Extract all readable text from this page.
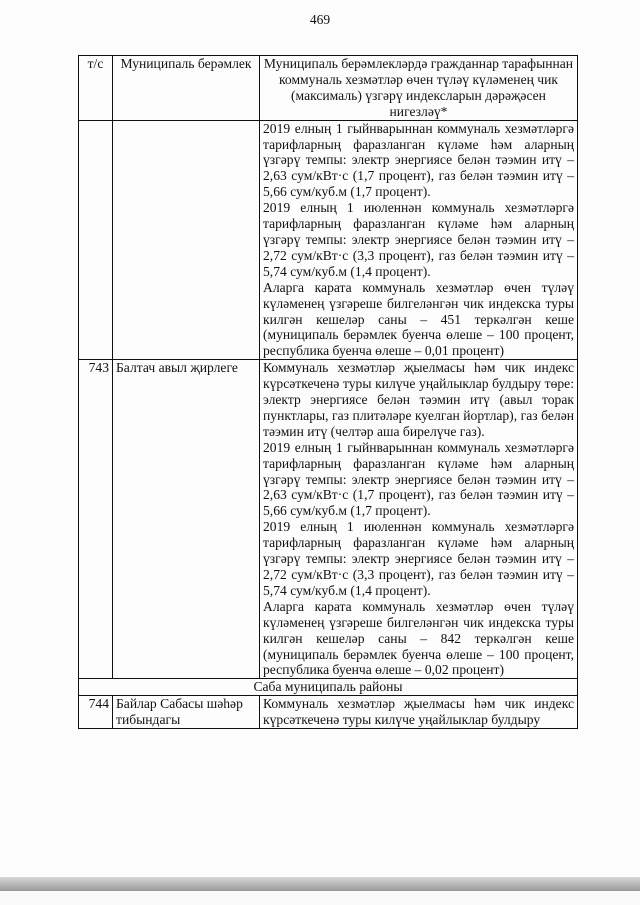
469
т/с	Муниципаль берәмлек	Муниципаль берәмлекләрдә гражданнар тарафыннан коммуналь хезмәтләр өчен түләү күләменең чик (максималь) үзгәрү индексларын дәрәҗәсен нигезләү*

		2019 елның 1 гыйнварыннан коммуналь хезмәтләргә тарифларның фаразланган күләме һәм аларның үзгәрү темпы: электр энергиясе белән тәэмин итү – 2,63 сум/кВт·с (1,7 процент), газ белән тәэмин итү – 5,66 сум/куб.м (1,7 процент).
2019 елның 1 июленнән коммуналь хезмәтләргә тарифларның фаразланган күләме һәм аларның үзгәрү темпы: электр энергиясе белән тәэмин итү – 2,72 сум/кВт·с (3,3 процент), газ белән тәэмин итү – 5,74 сум/куб.м (1,4 процент).
Аларга карата коммуналь хезмәтләр өчен түләү күләменең үзгәреше билгеләнгән чик индекска туры килгән кешеләр саны – 451 теркәлгән кеше (муниципаль берәмлек буенча өлеше – 100 процент, республика буенча өлеше – 0,01 процент)

743	Балтач авыл җирлеге	Коммуналь хезмәтләр җыелмасы һәм чик индекс күрсәткеченә туры килүче уңайлыклар булдыру төре: электр энергиясе белән тәэмин итү (авыл торак пунктлары, газ плитәләре куелган йортлар), газ белән тәэмин итү (челтәр аша бирелүче газ).
2019 елның 1 гыйнварыннан коммуналь хезмәтләргә тарифларның фаразланган күләме һәм аларның үзгәрү темпы: электр энергиясе белән тәэмин итү – 2,63 сум/кВт·с (1,7 процент), газ белән тәэмин итү – 5,66 сум/куб.м (1,7 процент).
2019 елның 1 июленнән коммуналь хезмәтләргә тарифларның фаразланган күләме һәм аларның үзгәрү темпы: электр энергиясе белән тәэмин итү – 2,72 сум/кВт·с (3,3 процент), газ белән тәэмин итү – 5,74 сум/куб.м (1,4 процент).
Аларга карата коммуналь хезмәтләр өчен түләү күләменең үзгәреше билгеләнгән чик индекска туры килгән кешеләр саны – 842 теркәлгән кеше (муниципаль берәмлек буенча өлеше – 100 процент, республика буенча өлеше – 0,02 процент)

Саба муниципаль районы		
744	Байлар Сабасы шәһәр тибындагы	Коммуналь хезмәтләр җыелмасы һәм чик индекс күрсәткеченә туры килүче уңайлыклар булдыру
